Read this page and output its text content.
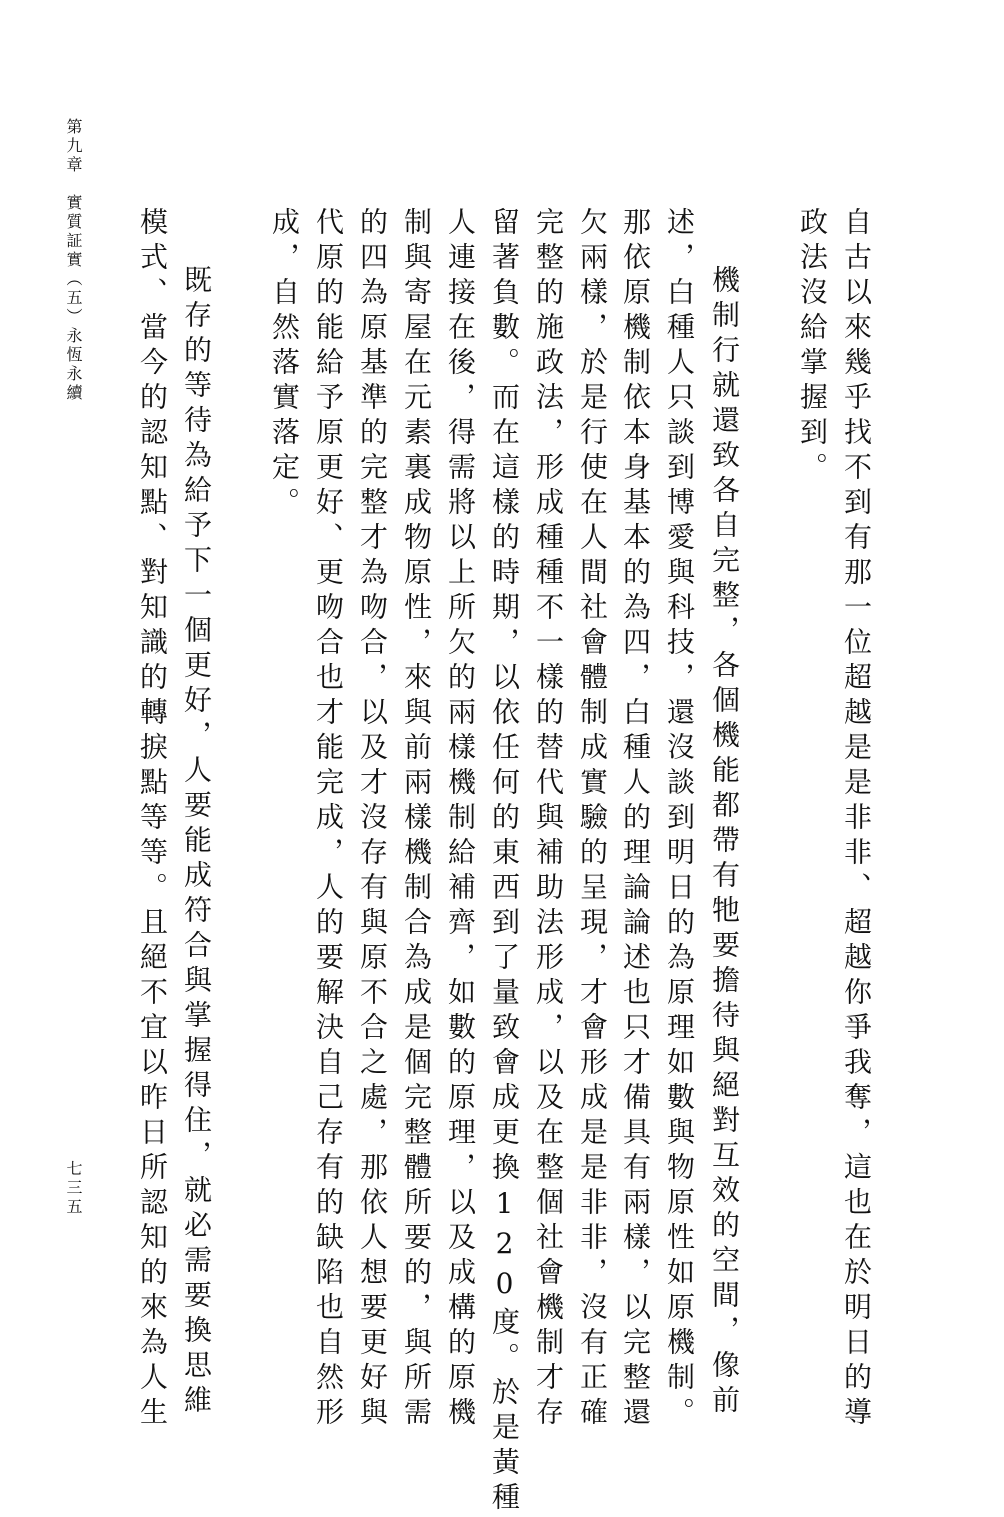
第九章　實質証實（五）永恆永續
七三五	自古以來幾乎找不到有那一位超越是是非非、超越你爭我奪，這也在於明日的導
政法沒給掌握到。
機制行就還致各自完整，各個機能都帶有牠要擔待與絕對互效的空間，像前
述，白種人只談到博愛與科技，還沒談到明日的為原理如數與物原性如原機制。
那依原機制依本身基本的為四，白種人的理論論述也只才備具有兩樣，以完整還
欠兩樣，於是行使在人間社會體制成實驗的呈現，才會形成是是非非，沒有正確
完整的施政法，形成種種不一樣的替代與補助法形成，以及在整個社會機制才存
留著負數。而在這樣的時期，以依任何的東西到了量致會成更換120度。於是黃種
人連接在後，得需將以上所欠的兩樣機制給補齊，如數的原理，以及成構的原機
制與寄屋在元素裏成物原性，來與前兩樣機制合為成是個完整體所要的，與所需
的四為原基準的完整才為吻合，以及才沒存有與原不合之處，那依人想要更好與
代原的能給予原更好、更吻合也才能完成，人的要解決自己存有的缺陷也自然形
成，自然落實落定。
既存的等待為給予下一個更好，人要能成符合與掌握得住，就必需要換思維
模式、當今的認知點、對知識的轉捩點等等。且絕不宜以昨日所認知的來為人生
